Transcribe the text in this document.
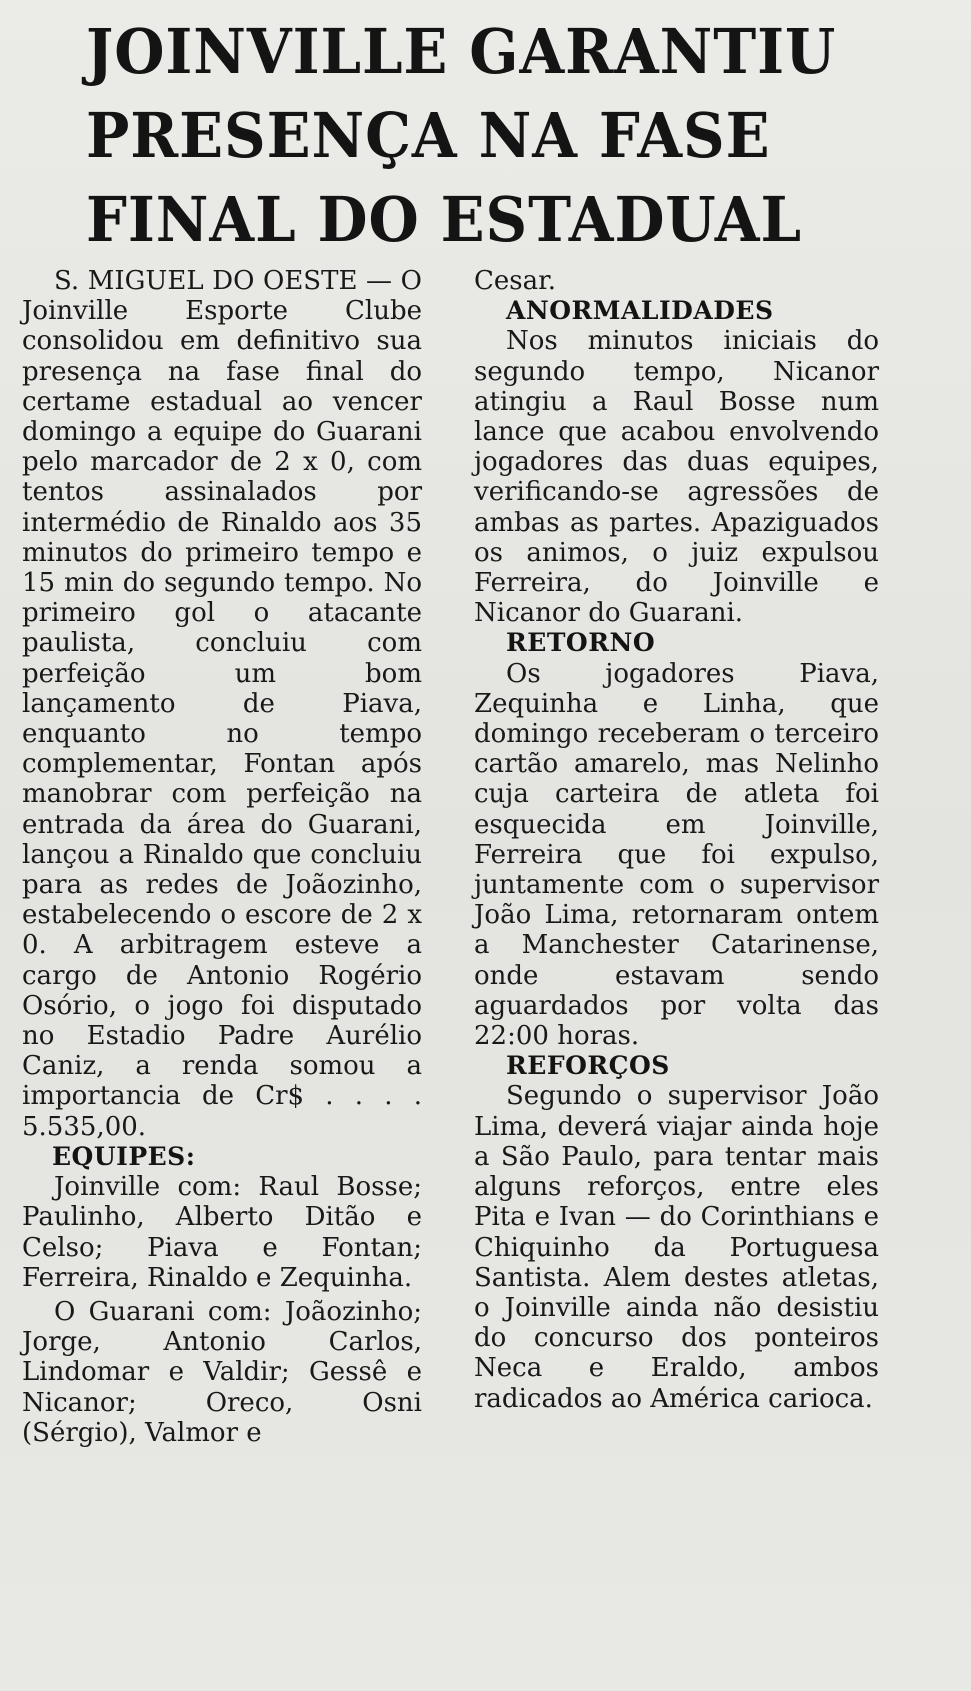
JOINVILLE GARANTIU
PRESENÇA NA FASE
FINAL DO ESTADUAL

S. MIGUEL DO OESTE — O Joinville Esporte Clube consolidou em definitivo sua presença na fase final do certame estadual ao vencer domingo a equipe do Guarani pelo marcador de 2 x 0, com tentos assinalados por intermédio de Rinaldo aos 35 minutos do primeiro tempo e 15 min do segundo tempo. No primeiro gol o atacante paulista, concluiu com perfeição um bom lançamento de Piava, enquanto no tempo complementar, Fontan após manobrar com perfeição na entrada da área do Guarani, lançou a Rinaldo que concluiu para as redes de Joãozinho, estabelecendo o escore de 2 x 0. A arbitragem esteve a cargo de Antonio Rogério Osório, o jogo foi disputado no Estadio Padre Aurélio Caniz, a renda somou a importancia de Cr$ . . . . 5.535,00.

EQUIPES:

Joinville com: Raul Bosse; Paulinho, Alberto Ditão e Celso; Piava e Fontan; Ferreira, Rinaldo e Zequinha.

O Guarani com: Joãozinho; Jorge, Antonio Carlos, Lindomar e Valdir; Gessê e Nicanor; Oreco, Osni (Sérgio), Valmor e

Cesar.

ANORMALIDADES

Nos minutos iniciais do segundo tempo, Nicanor atingiu a Raul Bosse num lance que acabou envolvendo jogadores das duas equipes, verificando-se agressões de ambas as partes. Apaziguados os animos, o juiz expulsou Ferreira, do Joinville e Nicanor do Guarani.

RETORNO

Os jogadores Piava, Zequinha e Linha, que domingo receberam o terceiro cartão amarelo, mas Nelinho cuja carteira de atleta foi esquecida em Joinville, Ferreira que foi expulso, juntamente com o supervisor João Lima, retornaram ontem a Manchester Catarinense, onde estavam sendo aguardados por volta das 22:00 horas.

REFORÇOS

Segundo o supervisor João Lima, deverá viajar ainda hoje a São Paulo, para tentar mais alguns reforços, entre eles Pita e Ivan — do Corinthians e Chiquinho da Portuguesa Santista. Alem destes atletas, o Joinville ainda não desistiu do concurso dos ponteiros Neca e Eraldo, ambos radicados ao América carioca.
